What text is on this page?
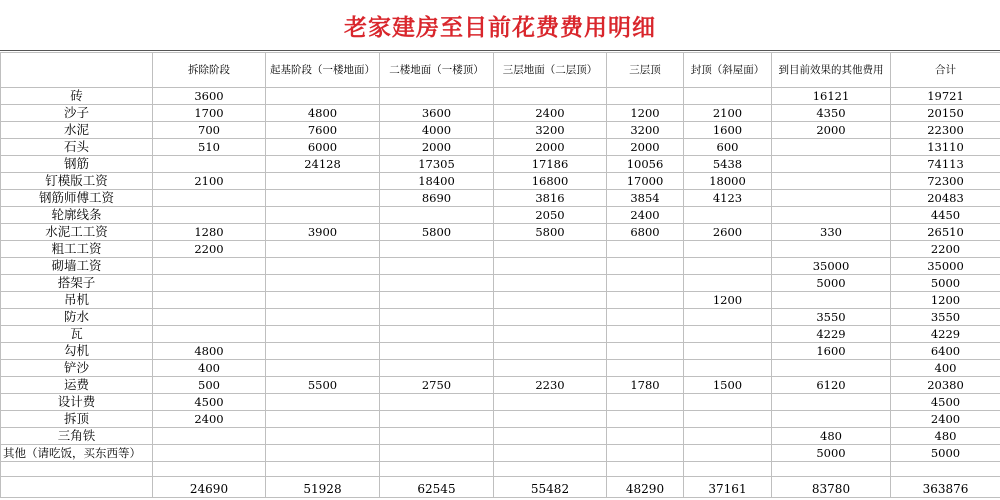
老家建房至目前花费费用明细
	拆除阶段	起基阶段（一楼地面）	二楼地面（一楼顶）	三层地面（二层顶）	三层顶	封顶（斜屋面）	到目前效果的其他费用	合计
砖	3600						16121	19721
沙子	1700	4800	3600	2400	1200	2100	4350	20150
水泥	700	7600	4000	3200	3200	1600	2000	22300
石头	510	6000	2000	2000	2000	600		13110
钢筋		24128	17305	17186	10056	5438		74113
钉模版工资	2100		18400	16800	17000	18000		72300
钢筋师傅工资			8690	3816	3854	4123		20483
轮廓线条				2050	2400			4450
水泥工工资	1280	3900	5800	5800	6800	2600	330	26510
粗工工资	2200							2200
砌墙工资							35000	35000
搭架子							5000	5000
吊机						1200		1200
防水							3550	3550
瓦							4229	4229
勾机	4800						1600	6400
铲沙	400							400
运费	500	5500	2750	2230	1780	1500	6120	20380
设计费	4500							4500
拆顶	2400							2400
三角铁							480	480
其他（请吃饭，买东西等）							5000	5000

	24690	51928	62545	55482	48290	37161	83780	363876
